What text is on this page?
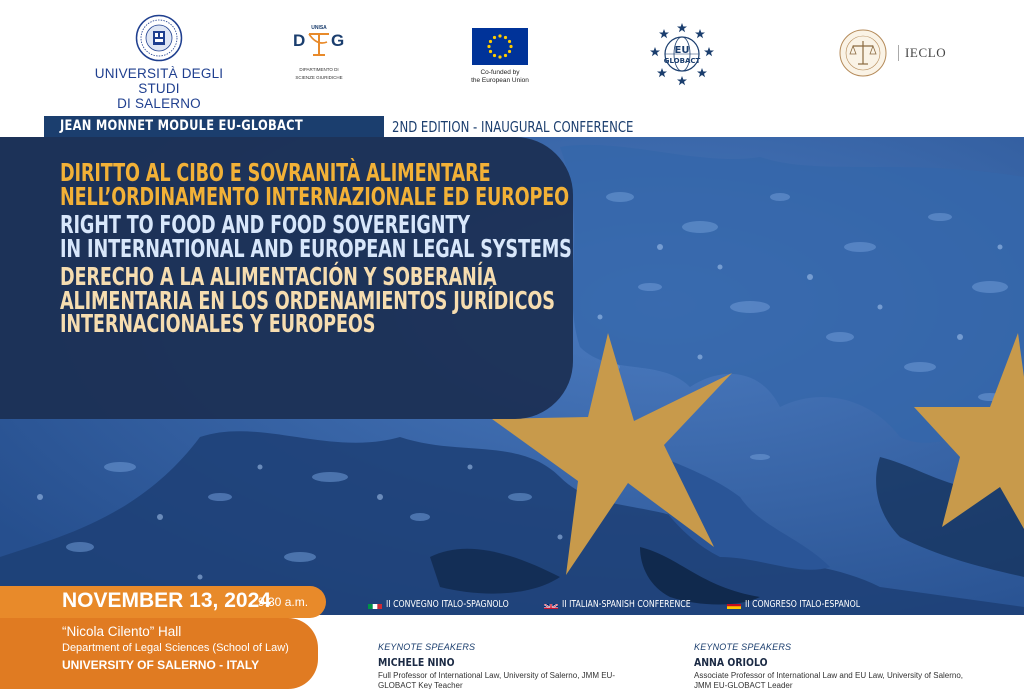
UNIVERSITÀ DEGLI STUDI
DI SALERNO
UNISA
D G
DIPARTIMENTO DI
SCIENZE GIURIDICHE
Co-funded by
the European Union
EU
GLOBACT
IECLO
JEAN MONNET MODULE EU-GLOBACT	2ND EDITION - INAUGURAL CONFERENCE
DIRITTO AL CIBO E SOVRANITÀ ALIMENTARE
NELL’ORDINAMENTO INTERNAZIONALE ED EUROPEO
RIGHT TO FOOD AND FOOD SOVEREIGNTY
IN INTERNATIONAL AND EUROPEAN LEGAL SYSTEMS
DERECHO A LA ALIMENTACIÓN Y SOBERANÍA
ALIMENTARIA EN LOS ORDENAMIENTOS JURÍDICOS
INTERNACIONALES Y EUROPEOS
NOVEMBER 13, 2024
9.30 a.m.
“Nicola Cilento” Hall
Department of Legal Sciences (School of Law)
UNIVERSITY OF SALERNO - ITALY
II CONVEGNO ITALO-SPAGNOLO	II ITALIAN-SPANISH CONFERENCE	II CONGRESO ITALO-ESPAÑOL
KEYNOTE SPEAKERS
MICHELE NINO
Full Professor of International Law, University of Salerno, JMM EU-GLOBACT Key Teacher
KEYNOTE SPEAKERS
ANNA ORIOLO
Associate Professor of International Law and EU Law, University of Salerno, JMM EU-GLOBACT Leader
